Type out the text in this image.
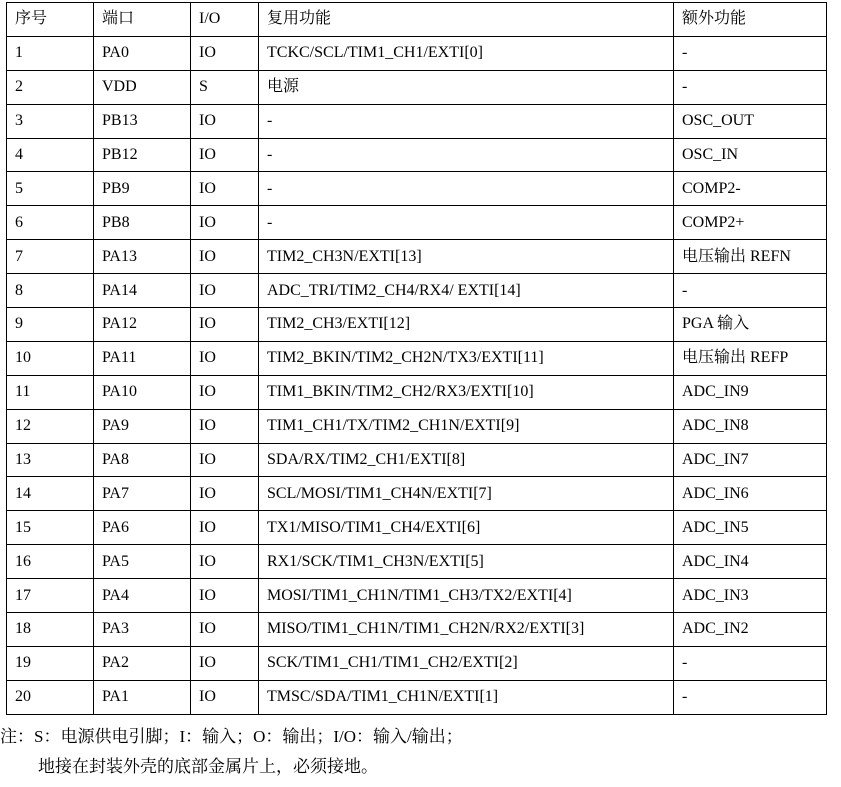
序号	端口	I/O	复用功能	额外功能
1	PA0	IO	TCKC/SCL/TIM1_CH1/EXTI[0]	-
2	VDD	S	电源	-
3	PB13	IO	-	OSC_OUT
4	PB12	IO	-	OSC_IN
5	PB9	IO	-	COMP2-
6	PB8	IO	-	COMP2+
7	PA13	IO	TIM2_CH3N/EXTI[13]	电压输出 REFN
8	PA14	IO	ADC_TRI/TIM2_CH4/RX4/ EXTI[14]	-
9	PA12	IO	TIM2_CH3/EXTI[12]	PGA 输入
10	PA11	IO	TIM2_BKIN/TIM2_CH2N/TX3/EXTI[11]	电压输出 REFP
11	PA10	IO	TIM1_BKIN/TIM2_CH2/RX3/EXTI[10]	ADC_IN9
12	PA9	IO	TIM1_CH1/TX/TIM2_CH1N/EXTI[9]	ADC_IN8
13	PA8	IO	SDA/RX/TIM2_CH1/EXTI[8]	ADC_IN7
14	PA7	IO	SCL/MOSI/TIM1_CH4N/EXTI[7]	ADC_IN6
15	PA6	IO	TX1/MISO/TIM1_CH4/EXTI[6]	ADC_IN5
16	PA5	IO	RX1/SCK/TIM1_CH3N/EXTI[5]	ADC_IN4
17	PA4	IO	MOSI/TIM1_CH1N/TIM1_CH3/TX2/EXTI[4]	ADC_IN3
18	PA3	IO	MISO/TIM1_CH1N/TIM1_CH2N/RX2/EXTI[3]	ADC_IN2
19	PA2	IO	SCK/TIM1_CH1/TIM1_CH2/EXTI[2]	-
20	PA1	IO	TMSC/SDA/TIM1_CH1N/EXTI[1]	-
注：S：电源供电引脚；I：输入；O：输出；I/O：输入/输出；
地接在封装外壳的底部金属片上，必须接地。
